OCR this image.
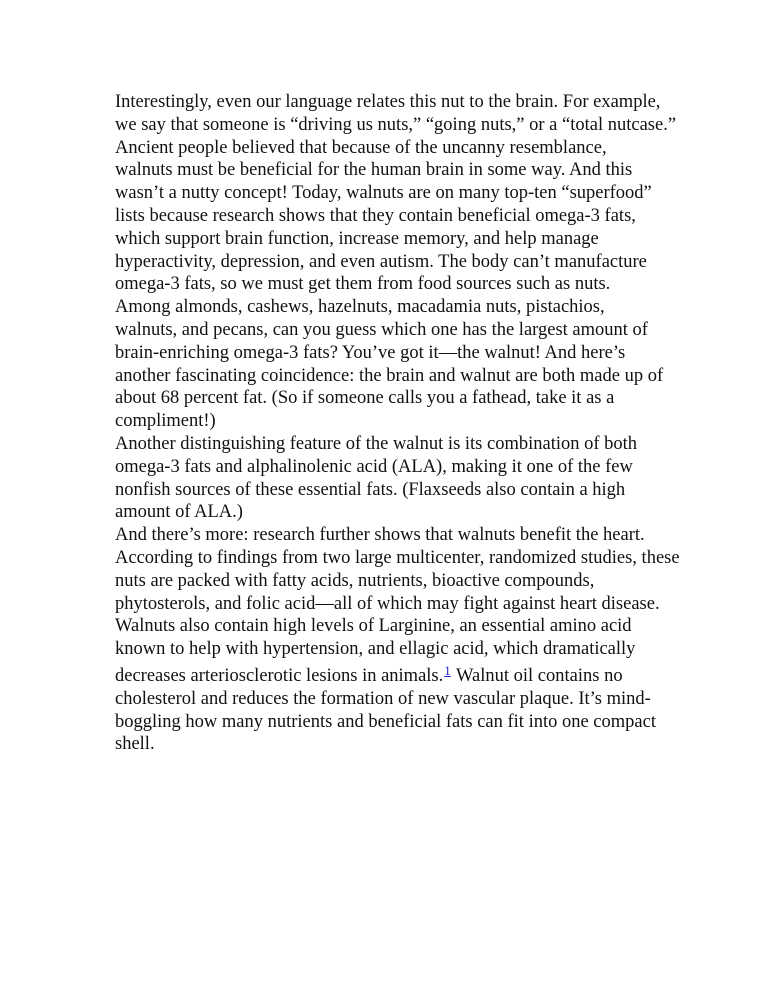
Interestingly, even our language relates this nut to the brain. For example,
we say that someone is “driving us nuts,” “going nuts,” or a “total nutcase.”

Ancient people believed that because of the uncanny resemblance,
walnuts must be beneficial for the human brain in some way. And this
wasn’t a nutty concept! Today, walnuts are on many top-ten “superfood”
lists because research shows that they contain beneficial omega-3 fats,
which support brain function, increase memory, and help manage
hyperactivity, depression, and even autism. The body can’t manufacture
omega-3 fats, so we must get them from food sources such as nuts.

Among almonds, cashews, hazelnuts, macadamia nuts, pistachios,
walnuts, and pecans, can you guess which one has the largest amount of
brain-enriching omega-3 fats? You’ve got it—the walnut! And here’s
another fascinating coincidence: the brain and walnut are both made up of
about 68 percent fat. (So if someone calls you a fathead, take it as a
compliment!)

Another distinguishing feature of the walnut is its combination of both
omega-3 fats and alphalinolenic acid (ALA), making it one of the few
nonfish sources of these essential fats. (Flaxseeds also contain a high
amount of ALA.)

And there’s more: research further shows that walnuts benefit the heart.
According to findings from two large multicenter, randomized studies, these
nuts are packed with fatty acids, nutrients, bioactive compounds,
phytosterols, and folic acid—all of which may fight against heart disease.
Walnuts also contain high levels of Larginine, an essential amino acid
known to help with hypertension, and ellagic acid, which dramatically
decreases arteriosclerotic lesions in animals.$^1$ Walnut oil contains no
cholesterol and reduces the formation of new vascular plaque. It’s mind-
boggling how many nutrients and beneficial fats can fit into one compact
shell.
